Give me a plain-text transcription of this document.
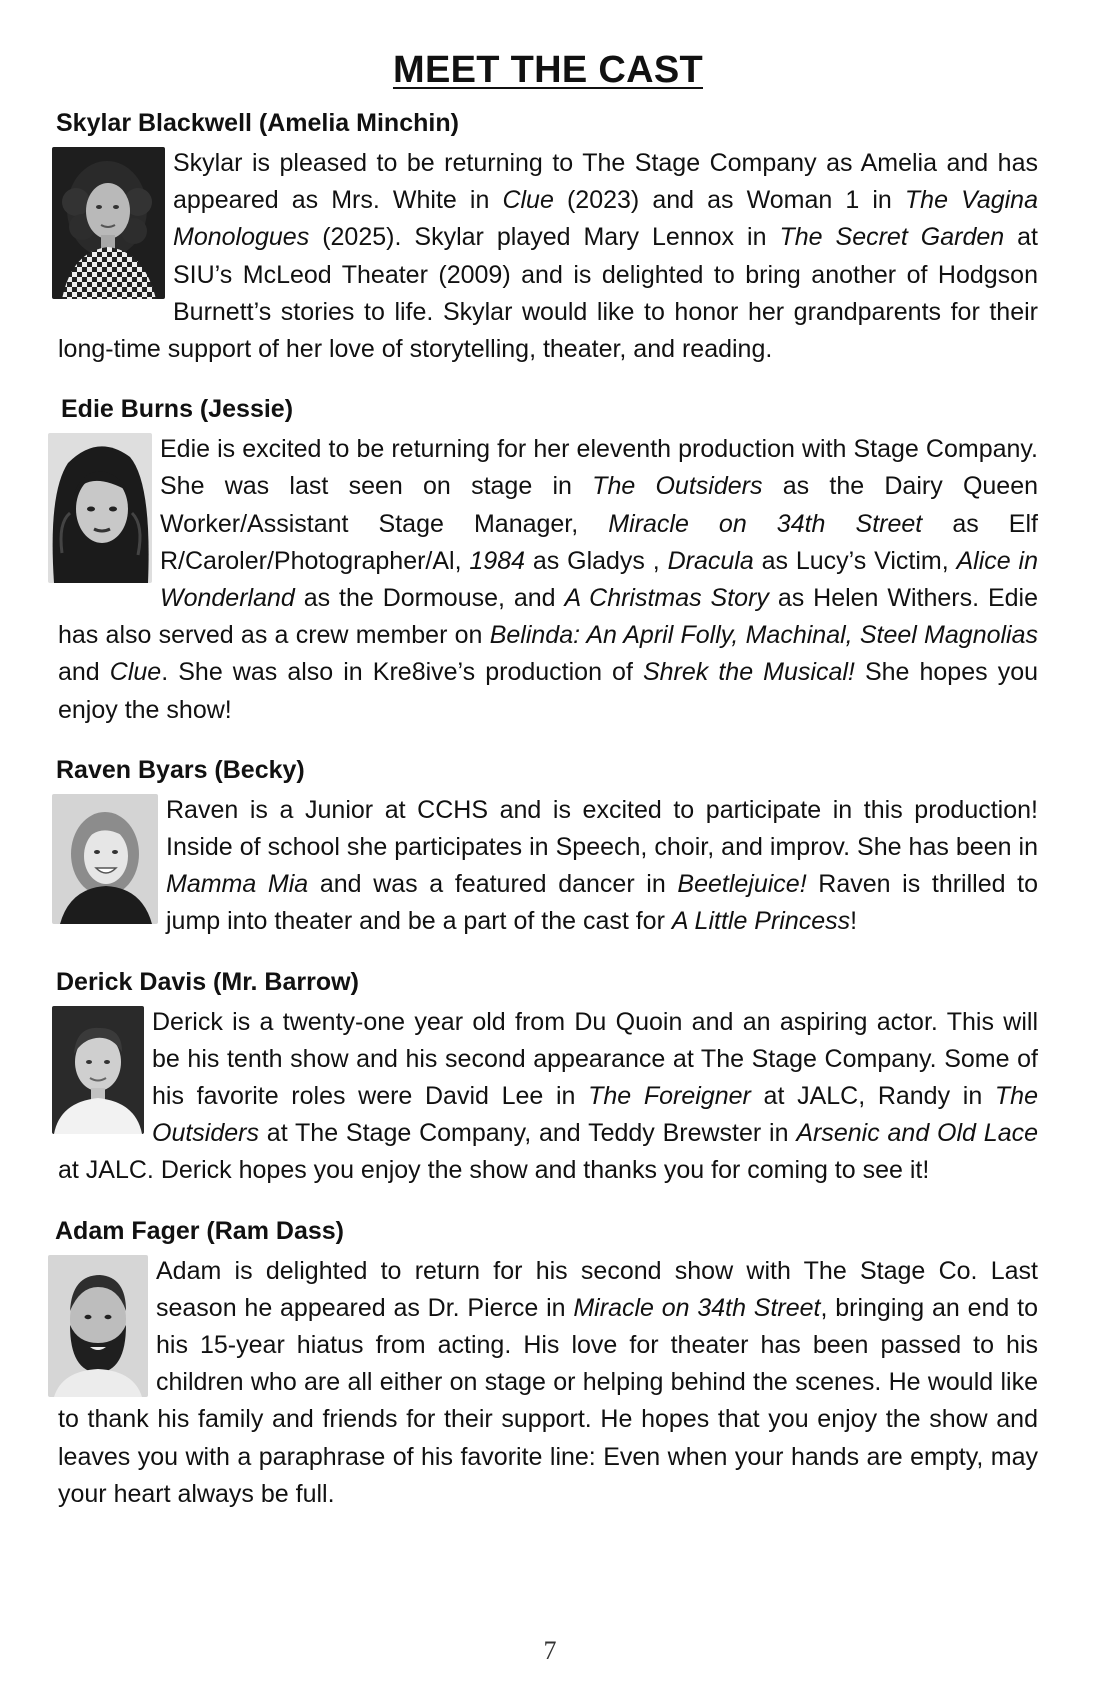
MEET THE CAST
Skylar Blackwell (Amelia Minchin)

Skylar is pleased to be returning to The Stage Company as Amelia and has appeared as Mrs. White in Clue (2023) and as Woman 1 in The Vagina Monologues (2025). Skylar played Mary Lennox in The Secret Garden at SIU’s McLeod Theater (2009) and is delighted to bring another of Hodgson Burnett’s stories to life. Skylar would like to honor her grandparents for their long-time support of her love of storytelling, theater, and reading.

Edie Burns (Jessie)

Edie is excited to be returning for her eleventh production with Stage Company. She was last seen on stage in The Outsiders as the Dairy Queen Worker/Assistant Stage Manager, Miracle on 34th Street as Elf R/Caroler/Photographer/Al, 1984 as Gladys , Dracula as Lucy’s Victim, Alice in Wonderland as the Dormouse, and A Christmas Story as Helen Withers. Edie has also served as a crew member on Belinda: An April Folly, Machinal, Steel Magnolias and Clue. She was also in Kre8ive’s production of Shrek the Musical! She hopes you enjoy the show!

Raven Byars (Becky)

Raven is a Junior at CCHS and is excited to participate in this production! Inside of school she participates in Speech, choir, and improv. She has been in Mamma Mia and was a featured dancer in Beetlejuice! Raven is thrilled to jump into theater and be a part of the cast for A Little Princess!

Derick Davis (Mr. Barrow)

Derick is a twenty-one year old from Du Quoin and an aspiring actor. This will be his tenth show and his second appearance at The Stage Company. Some of his favorite roles were David Lee in The Foreigner at JALC, Randy in The Outsiders at The Stage Company, and Teddy Brewster in Arsenic and Old Lace at JALC. Derick hopes you enjoy the show and thanks you for coming to see it!

Adam Fager (Ram Dass)

Adam is delighted to return for his second show with The Stage Co. Last season he appeared as Dr. Pierce in Miracle on 34th Street, bringing an end to his 15-year hiatus from acting. His love for theater has been passed to his children who are all either on stage or helping behind the scenes. He would like to thank his family and friends for their support. He hopes that you enjoy the show and leaves you with a paraphrase of his favorite line: Even when your hands are empty, may your heart always be full.

7
